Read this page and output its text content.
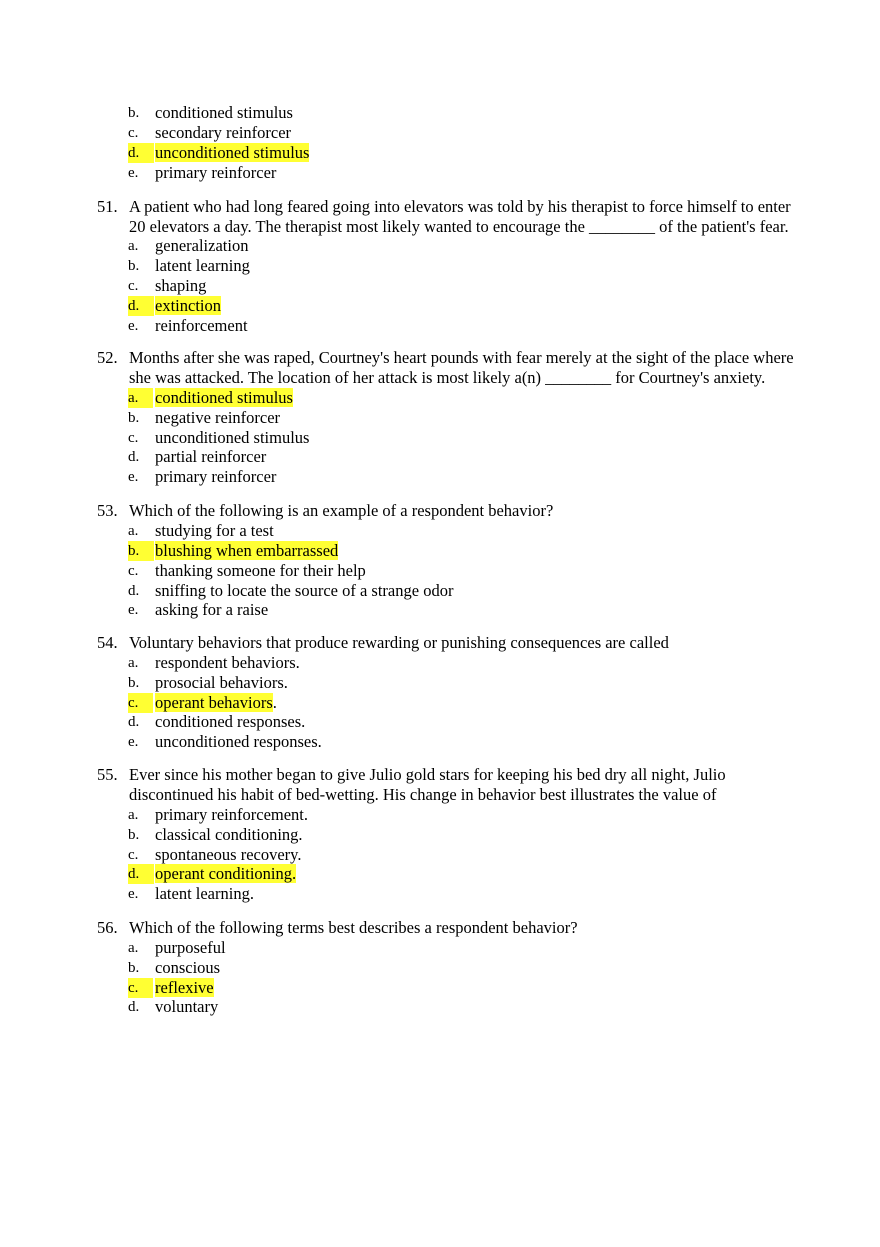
b. conditioned stimulus
c. secondary reinforcer
d. unconditioned stimulus
e. primary reinforcer
51. A patient who had long feared going into elevators was told by his therapist to force himself to enter
20 elevators a day. The therapist most likely wanted to encourage the ________ of the patient's fear.
a. generalization
b. latent learning
c. shaping
d. extinction
e. reinforcement
52. Months after she was raped, Courtney's heart pounds with fear merely at the sight of the place where
she was attacked. The location of her attack is most likely a(n) ________ for Courtney's anxiety.
a.	conditioned stimulus
b. negative reinforcer
c. unconditioned stimulus
d. partial reinforcer
e. primary reinforcer
53. Which of the following is an example of a respondent behavior?
a. studying for a test
b. blushing when embarrassed
c. thanking someone for their help
d. sniffing to locate the source of a strange odor
e. asking for a raise
54. Voluntary behaviors that produce rewarding or punishing consequences are called
a. respondent behaviors.
b. prosocial behaviors.
c.	operant behaviors.
d. conditioned responses.
e. unconditioned responses.
55. Ever since his mother began to give Julio gold stars for keeping his bed dry all night, Julio
discontinued his habit of bed-wetting. His change in behavior best illustrates the value of
a. primary reinforcement.
b. classical conditioning.
c. spontaneous recovery.
d. operant conditioning.
e. latent learning.
56. Which of the following terms best describes a respondent behavior?
a. purposeful
b. conscious
c.	reflexive
d. voluntary
